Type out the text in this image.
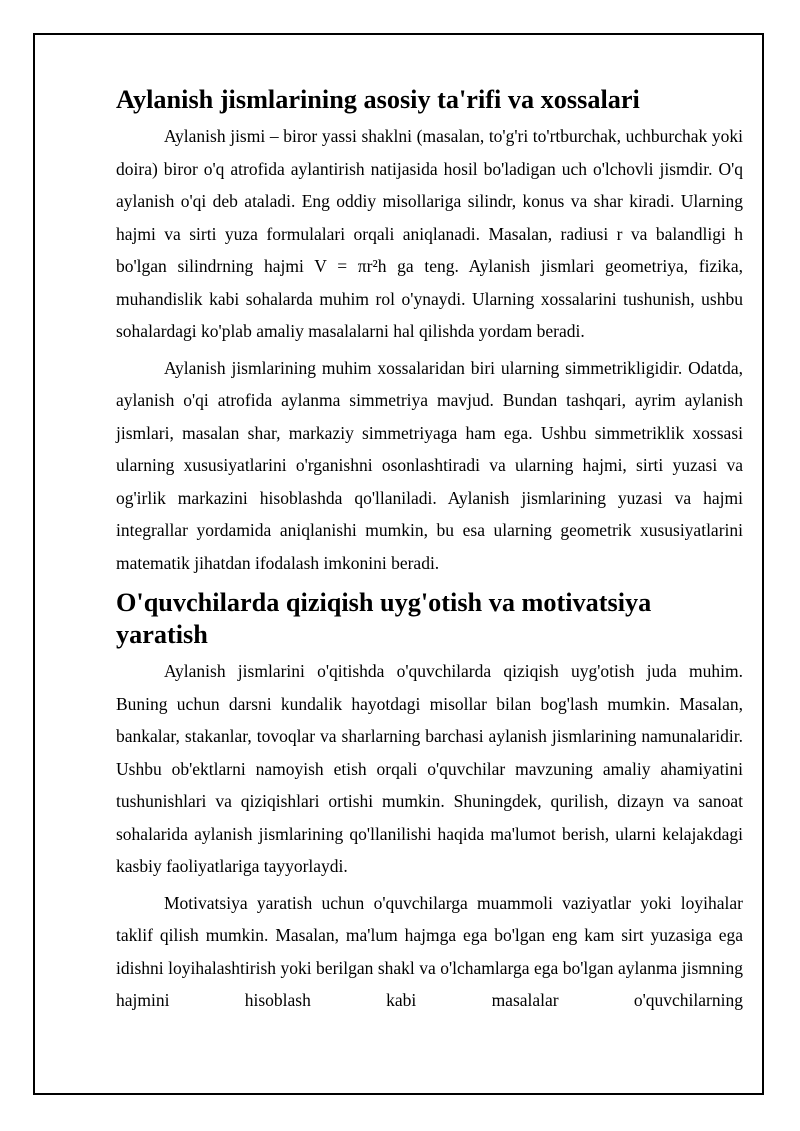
Aylanish jismlarining asosiy ta'rifi va xossalari

Aylanish jismi – biror yassi shaklni (masalan, to'g'ri to'rtburchak, uchburchak yoki doira) biror o'q atrofida aylantirish natijasida hosil bo'ladigan uch o'lchovli jismdir. O'q aylanish o'qi deb ataladi. Eng oddiy misollariga silindr, konus va shar kiradi. Ularning hajmi va sirti yuza formulalari orqali aniqlanadi. Masalan, radiusi r va balandligi h bo'lgan silindrning hajmi V = πr²h ga teng. Aylanish jismlari geometriya, fizika, muhandislik kabi sohalarda muhim rol o'ynaydi. Ularning xossalarini tushunish, ushbu sohalardagi ko'plab amaliy masalalarni hal qilishda yordam beradi.

Aylanish jismlarining muhim xossalaridan biri ularning simmetrikligidir. Odatda, aylanish o'qi atrofida aylanma simmetriya mavjud. Bundan tashqari, ayrim aylanish jismlari, masalan shar, markaziy simmetriyaga ham ega. Ushbu simmetriklik xossasi ularning xususiyatlarini o'rganishni osonlashtiradi va ularning hajmi, sirti yuzasi va og'irlik markazini hisoblashda qo'llaniladi. Aylanish jismlarining yuzasi va hajmi integrallar yordamida aniqlanishi mumkin, bu esa ularning geometrik xususiyatlarini matematik jihatdan ifodalash imkonini beradi.

O'quvchilarda qiziqish uyg'otish va motivatsiya yaratish

Aylanish jismlarini o'qitishda o'quvchilarda qiziqish uyg'otish juda muhim. Buning uchun darsni kundalik hayotdagi misollar bilan bog'lash mumkin. Masalan, bankalar, stakanlar, tovoqlar va sharlarning barchasi aylanish jismlarining namunalaridir. Ushbu ob'ektlarni namoyish etish orqali o'quvchilar mavzuning amaliy ahamiyatini tushunishlari va qiziqishlari ortishi mumkin. Shuningdek, qurilish, dizayn va sanoat sohalarida aylanish jismlarining qo'llanilishi haqida ma'lumot berish, ularni kelajakdagi kasbiy faoliyatlariga tayyorlaydi.

Motivatsiya yaratish uchun o'quvchilarga muammoli vaziyatlar yoki loyihalar taklif qilish mumkin. Masalan, ma'lum hajmga ega bo'lgan eng kam sirt yuzasiga ega idishni loyihalashtirish yoki berilgan shakl va o'lchamlarga ega bo'lgan aylanma jismning hajmini hisoblash kabi masalalar o'quvchilarning
